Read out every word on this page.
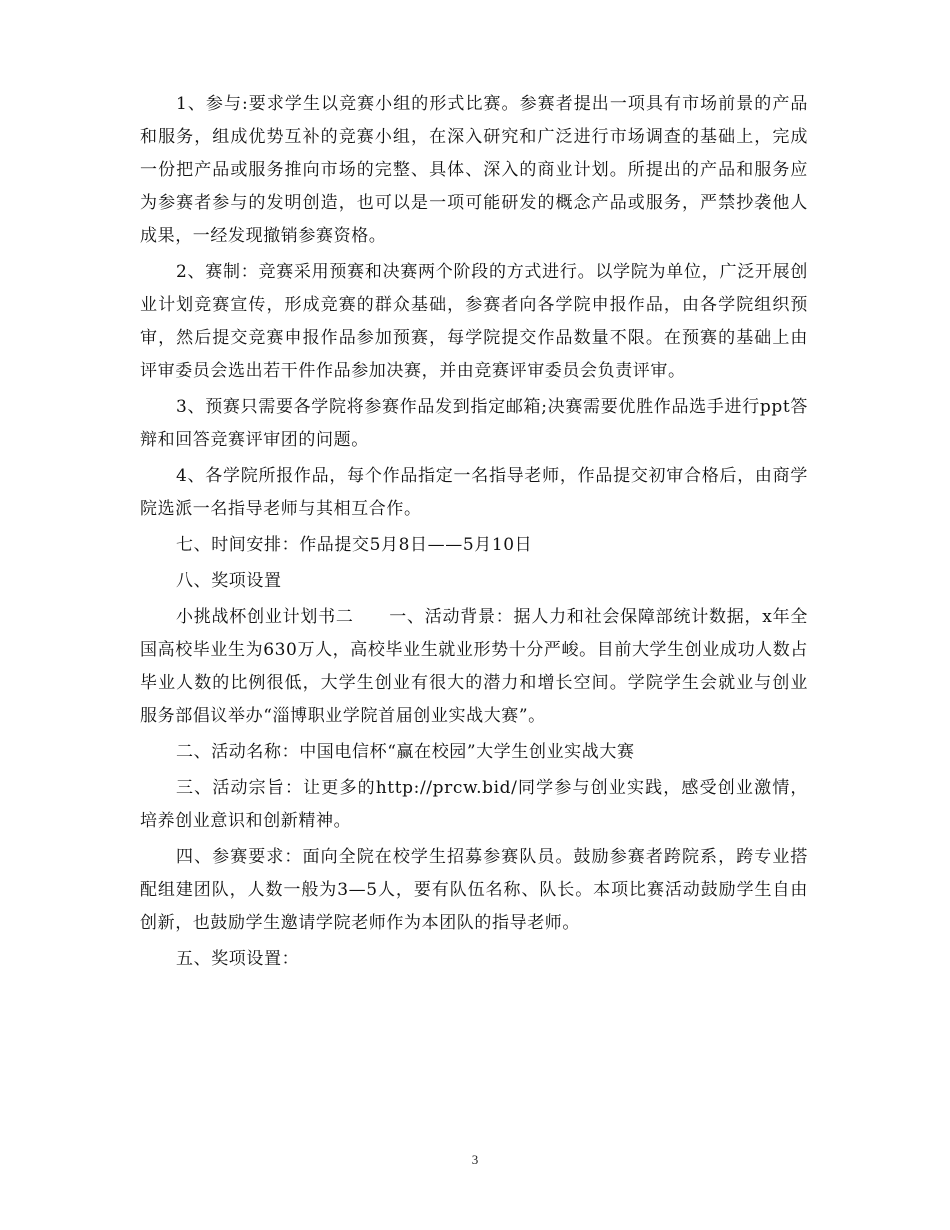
1、参与:要求学生以竞赛小组的形式比赛。参赛者提出一项具有市场前景的产品和服务，组成优势互补的竞赛小组，在深入研究和广泛进行市场调查的基础上，完成一份把产品或服务推向市场的完整、具体、深入的商业计划。所提出的产品和服务应为参赛者参与的发明创造，也可以是一项可能研发的概念产品或服务，严禁抄袭他人成果，一经发现撤销参赛资格。

2、赛制：竞赛采用预赛和决赛两个阶段的方式进行。以学院为单位，广泛开展创业计划竞赛宣传，形成竞赛的群众基础，参赛者向各学院申报作品，由各学院组织预审，然后提交竞赛申报作品参加预赛，每学院提交作品数量不限。在预赛的基础上由评审委员会选出若干件作品参加决赛，并由竞赛评审委员会负责评审。

3、预赛只需要各学院将参赛作品发到指定邮箱;决赛需要优胜作品选手进行ppt答辩和回答竞赛评审团的问题。

4、各学院所报作品，每个作品指定一名指导老师，作品提交初审合格后，由商学院选派一名指导老师与其相互合作。

七、时间安排：作品提交5月8日——5月10日

八、奖项设置

小挑战杯创业计划书二　　一、活动背景：据人力和社会保障部统计数据，x年全国高校毕业生为630万人，高校毕业生就业形势十分严峻。目前大学生创业成功人数占毕业人数的比例很低，大学生创业有很大的潜力和增长空间。学院学生会就业与创业服务部倡议举办“淄博职业学院首届创业实战大赛”。

二、活动名称：中国电信杯“赢在校园”大学生创业实战大赛

三、活动宗旨：让更多的http://prcw.bid/同学参与创业实践，感受创业激情，培养创业意识和创新精神。

四、参赛要求：面向全院在校学生招募参赛队员。鼓励参赛者跨院系，跨专业搭配组建团队，人数一般为3—5人，要有队伍名称、队长。本项比赛活动鼓励学生自由创新，也鼓励学生邀请学院老师作为本团队的指导老师。

五、奖项设置：

3
